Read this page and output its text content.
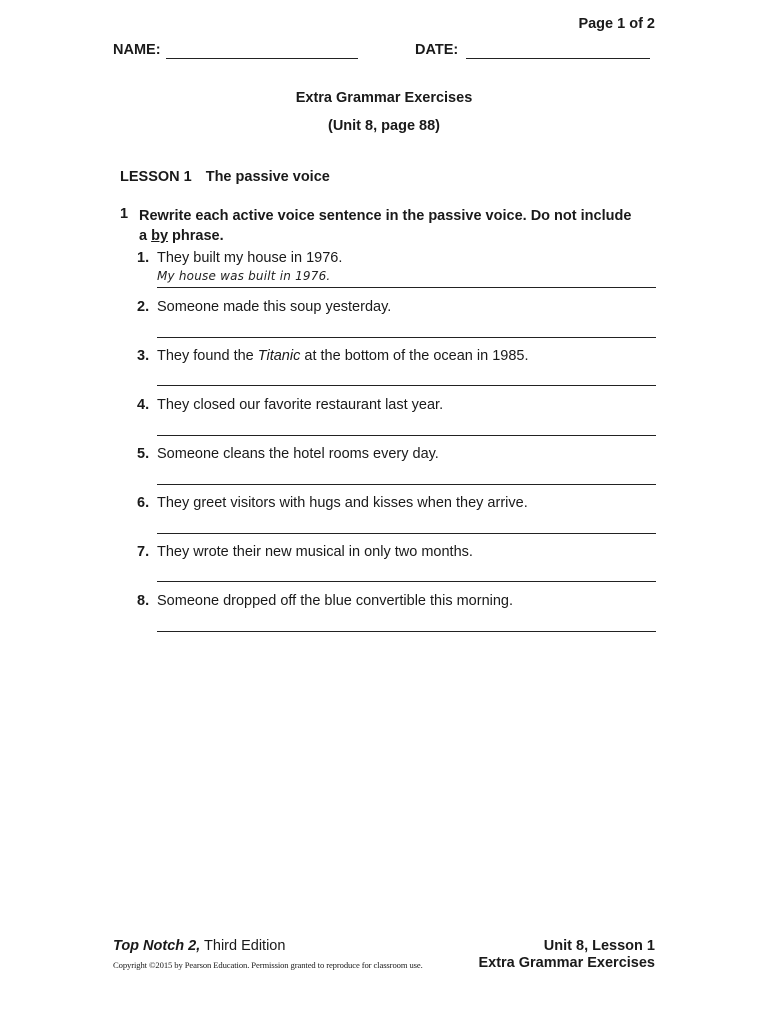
Page 1 of 2
NAME:	DATE:
Extra Grammar Exercises
(Unit 8, page 88)
LESSON 1 The passive voice
1 Rewrite each active voice sentence in the passive voice. Do not include a by phrase.
1. They built my house in 1976.
My house was built in 1976.
2. Someone made this soup yesterday.
3. They found the Titanic at the bottom of the ocean in 1985.
4. They closed our favorite restaurant last year.
5. Someone cleans the hotel rooms every day.
6. They greet visitors with hugs and kisses when they arrive.
7. They wrote their new musical in only two months.
8. Someone dropped off the blue convertible this morning.
Top Notch 2, Third Edition
Copyright ©2015 by Pearson Education. Permission granted to reproduce for classroom use.
Unit 8, Lesson 1
Extra Grammar Exercises
